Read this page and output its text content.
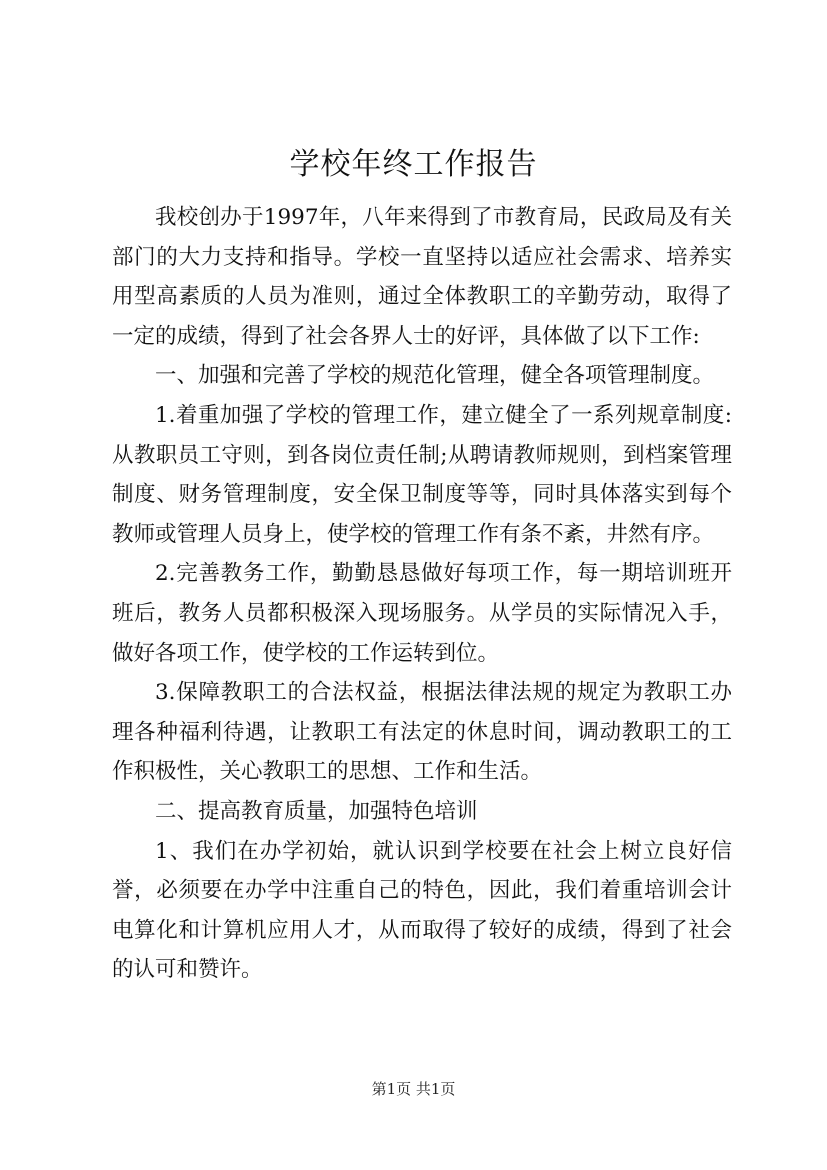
学校年终工作报告

我校创办于1997年，八年来得到了市教育局，民政局及有关部门的大力支持和指导。学校一直坚持以适应社会需求、培养实用型高素质的人员为准则，通过全体教职工的辛勤劳动，取得了一定的成绩，得到了社会各界人士的好评，具体做了以下工作:

一、加强和完善了学校的规范化管理，健全各项管理制度。

1.着重加强了学校的管理工作，建立健全了一系列规章制度:从教职员工守则，到各岗位责任制;从聘请教师规则，到档案管理制度、财务管理制度，安全保卫制度等等，同时具体落实到每个教师或管理人员身上，使学校的管理工作有条不紊，井然有序。

2.完善教务工作，勤勤恳恳做好每项工作，每一期培训班开班后，教务人员都积极深入现场服务。从学员的实际情况入手，做好各项工作，使学校的工作运转到位。

3.保障教职工的合法权益，根据法律法规的规定为教职工办理各种福利待遇，让教职工有法定的休息时间，调动教职工的工作积极性，关心教职工的思想、工作和生活。

二、提高教育质量，加强特色培训

1、我们在办学初始，就认识到学校要在社会上树立良好信誉，必须要在办学中注重自己的特色，因此，我们着重培训会计电算化和计算机应用人才，从而取得了较好的成绩，得到了社会的认可和赞许。

第1页 共1页
